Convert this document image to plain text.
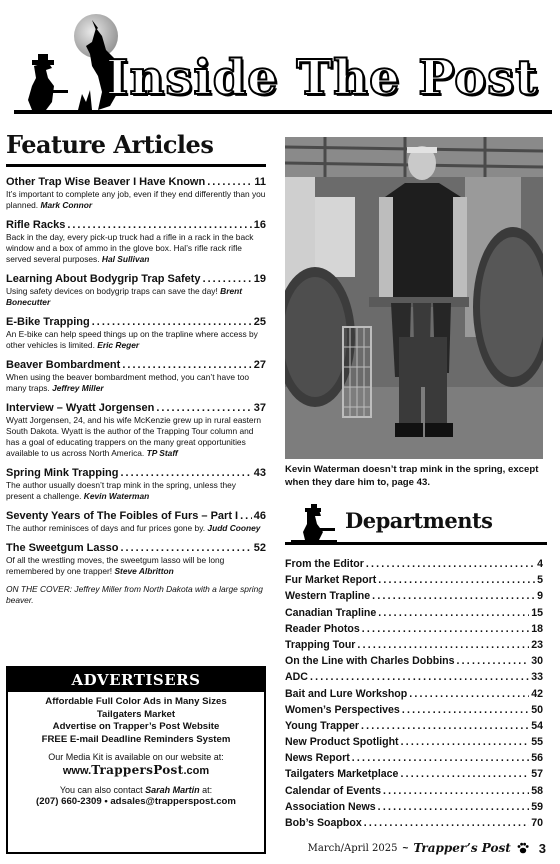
Inside The Post
Feature Articles
Other Trap Wise Beaver I Have Known .....	11
It’s important to complete any job, even if they end differently than you planned. Mark Connor
Rifle Racks .....	16
Back in the day, every pick-up truck had a rifle in a rack in the back window and a box of ammo in the glove box. Hal’s rifle rack rifle served several purposes. Hal Sullivan
Learning About Bodygrip Trap Safety .....	19
Using safety devices on bodygrip traps can save the day! Brent Bonecutter
E-Bike Trapping .....	25
An E-bike can help speed things up on the trapline where access by other vehicles is limited. Eric Reger
Beaver Bombardment .....	27
When using the beaver bombardment method, you can’t have too many traps. Jeffrey Miller
Interview – Wyatt Jorgensen .....	37
Wyatt Jorgensen, 24, and his wife McKenzie grew up in rural eastern South Dakota. Wyatt is the author of the Trapping Tour column and has a goal of educating trappers on the many great opportunities available to us across North America. TP Staff
Spring Mink Trapping .....	43
The author usually doesn’t trap mink in the spring, unless they present a challenge. Kevin Waterman
Seventy Years of The Foibles of Furs – Part I ..... 46
The author reminisces of days and fur prices gone by. Judd Cooney
The Sweetgum Lasso .....	52
Of all the wrestling moves, the sweetgum lasso will be long remembered by one trapper! Steve Albritton
ON THE COVER: Jeffrey Miller from North Dakota with a large spring beaver.
ADVERTISERS
Affordable Full Color Ads in Many Sizes
Tailgaters Market
Advertise on Trapper’s Post Website
FREE E-mail Deadline Reminders System
Our Media Kit is available on our website at:
www.TrappersPost.com
You can also contact Sarah Martin at:
(207) 660-2309 • adsales@trapperspost.com
Kevin Waterman doesn’t trap mink in the spring, except when they dare him to, page 43.
Departments
From the Editor .....	4
Fur Market Report .....	5
Western Trapline .....	9
Canadian Trapline .....	15
Reader Photos .....	18
Trapping Tour .....	23
On the Line with Charles Dobbins .....	30
ADC .....	33
Bait and Lure Workshop .....	42
Women’s Perspectives .....	50
Young Trapper .....	54
New Product Spotlight .....	55
News Report .....	56
Tailgaters Marketplace .....	57
Calendar of Events .....	58
Association News .....	59
Bob’s Soapbox .....	70
March/April 2025 ~ Trapper’s Post 3
